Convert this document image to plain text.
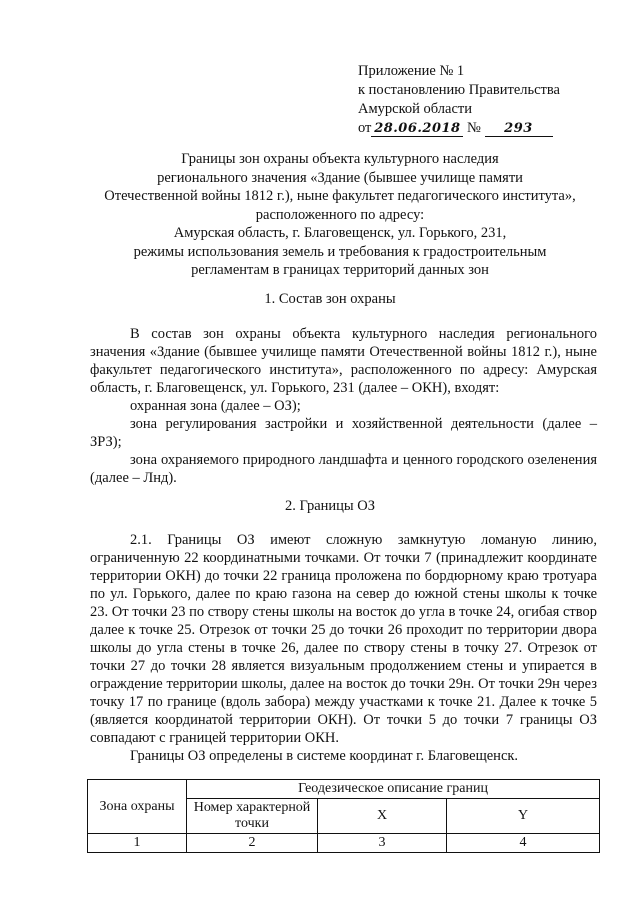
Приложение № 1
к постановлению Правительства
Амурской области
от 28.06.2018 № 293
Границы зон охраны объекта культурного наследия
регионального значения «Здание (бывшее училище памяти
Отечественной войны 1812 г.), ныне факультет педагогического института»,
расположенного по адресу:
Амурская область, г. Благовещенск, ул. Горького, 231,
режимы использования земель и требования к градостроительным
регламентам в границах территорий данных зон
1. Состав зон охраны

В состав зон охраны объекта культурного наследия регионального значения «Здание (бывшее училище памяти Отечественной войны 1812 г.), ныне факультет педагогического института», расположенного по адресу: Амурская область, г. Благовещенск, ул. Горького, 231 (далее – ОКН), входят:

охранная зона (далее – ОЗ);

зона регулирования застройки и хозяйственной деятельности (далее – ЗРЗ);

зона охраняемого природного ландшафта и ценного городского озеленения (далее – Лнд).

2. Границы ОЗ

2.1. Границы ОЗ имеют сложную замкнутую ломаную линию, ограниченную 22 координатными точками. От точки 7 (принадлежит координате территории ОКН) до точки 22 граница проложена по бордюрному краю тротуара по ул. Горького, далее по краю газона на север до южной стены школы к точке 23. От точки 23 по створу стены школы на восток до угла в точке 24, огибая створ далее к точке 25. Отрезок от точки 25 до точки 26 проходит по территории двора школы до угла стены в точке 26, далее по створу стены в точку 27. Отрезок от точки 27 до точки 28 является визуальным продолжением стены и упирается в ограждение территории школы, далее на восток до точки 29н. От точки 29н через точку 17 по границе (вдоль забора) между участками к точке 21. Далее к точке 5 (является координатой территории ОКН). От точки 5 до точки 7 границы ОЗ совпадают с границей территории ОКН.

Границы ОЗ определены в системе координат г. Благовещенск.

Зона охраны	Геодезическое описание границ		
	Номер характерной точки	X	Y
1	2	3	4
